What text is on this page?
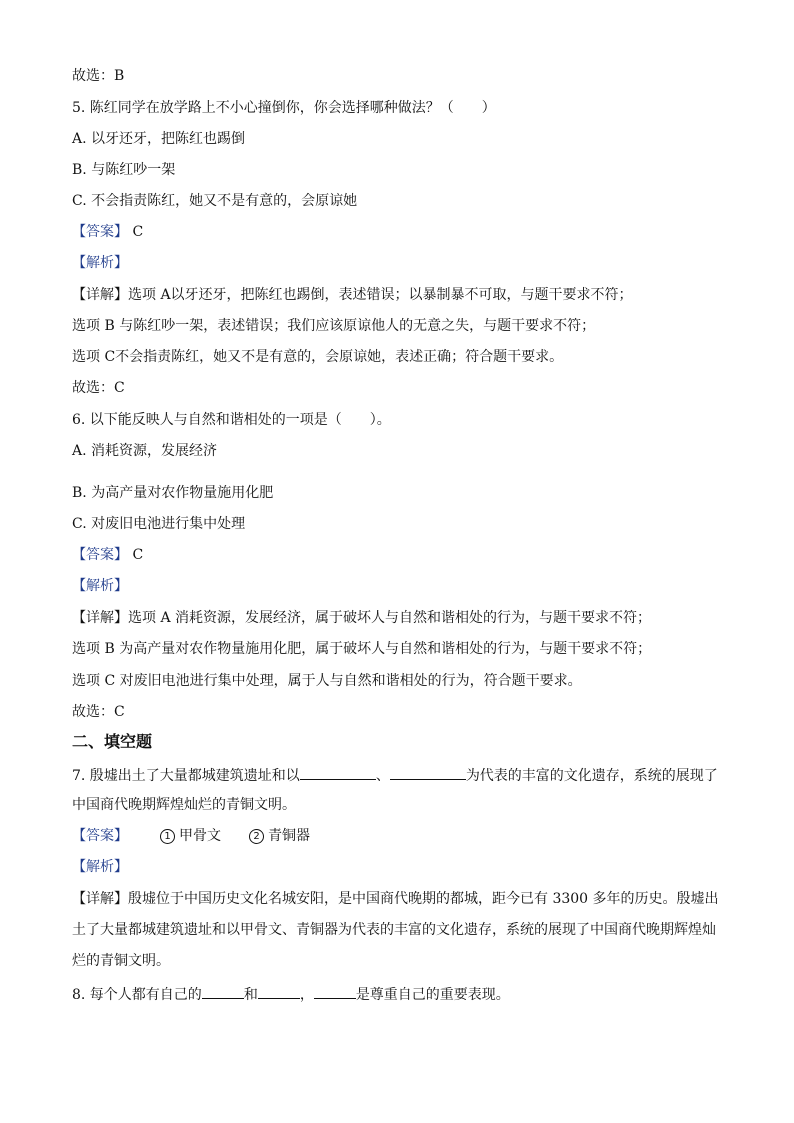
故选：B
5. 陈红同学在放学路上不小心撞倒你，你会选择哪种做法？（　　）
A. 以牙还牙，把陈红也踢倒
B. 与陈红吵一架
C. 不会指责陈红，她又不是有意的，会原谅她
【答案】 C
【解析】
【详解】选项 A以牙还牙，把陈红也踢倒，表述错误；以暴制暴不可取，与题干要求不符；
选项 B 与陈红吵一架，表述错误；我们应该原谅他人的无意之失，与题干要求不符；
选项 C不会指责陈红，她又不是有意的，会原谅她，表述正确；符合题干要求。
故选：C
6. 以下能反映人与自然和谐相处的一项是（　　）。
A. 消耗资源，发展经济
B. 为高产量对农作物量施用化肥
C. 对废旧电池进行集中处理
【答案】 C
【解析】
【详解】选项 A 消耗资源，发展经济，属于破坏人与自然和谐相处的行为，与题干要求不符；
选项 B 为高产量对农作物量施用化肥，属于破坏人与自然和谐相处的行为，与题干要求不符；
选项 C 对废旧电池进行集中处理，属于人与自然和谐相处的行为，符合题干要求。
故选：C
二、填空题
7. 殷墟出土了大量都城建筑遗址和以	、	为代表的丰富的文化遗存，系统的展现了
中国商代晚期辉煌灿烂的青铜文明。
【答案】	1 甲骨文	2 青铜器
【解析】
【详解】殷墟位于中国历史文化名城安阳，是中国商代晚期的都城，距今已有 3300 多年的历史。殷墟出
土了大量都城建筑遗址和以甲骨文、青铜器为代表的丰富的文化遗存，系统的展现了中国商代晚期辉煌灿
烂的青铜文明。
8. 每个人都有自己的	和	，	是尊重自己的重要表现。
